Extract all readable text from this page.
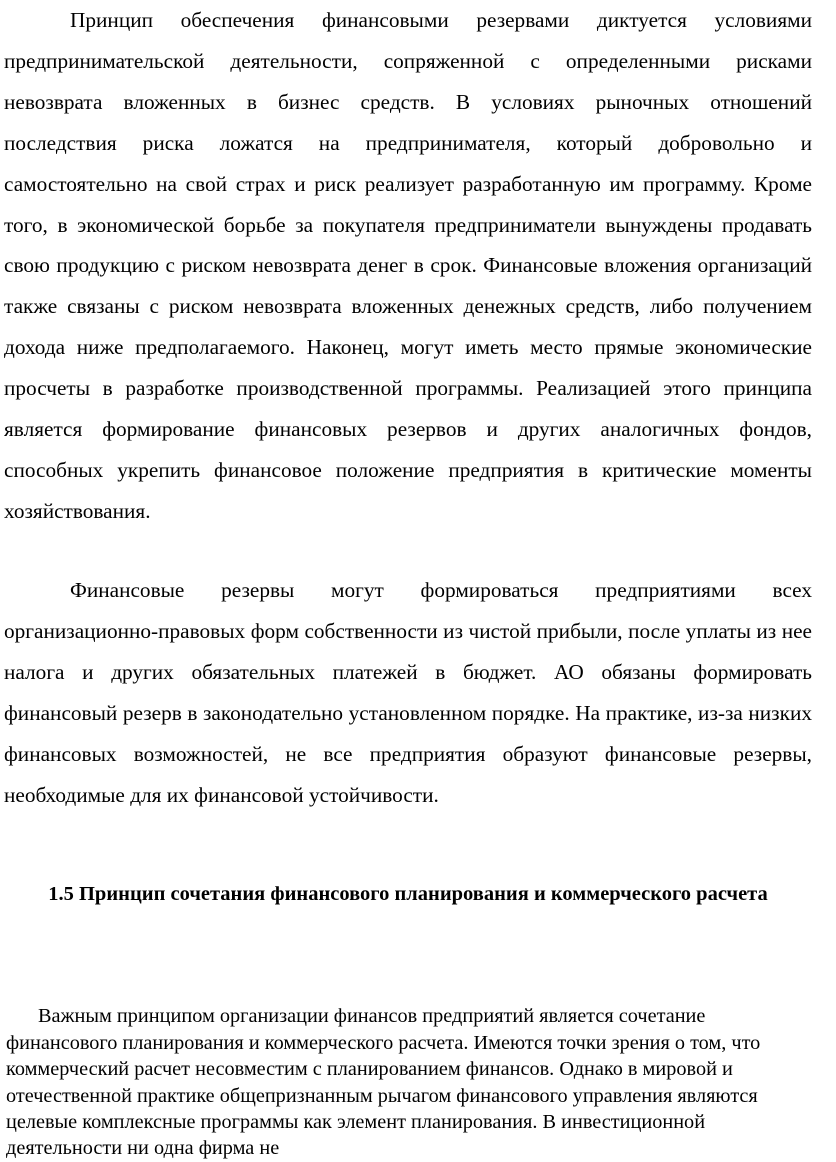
Принцип обеспечения финансовыми резервами диктуется условиями предпринимательской деятельности, сопряженной с определенными рисками невозврата вложенных в бизнес средств. В условиях рыночных отношений последствия риска ложатся на предпринимателя, который добровольно и самостоятельно на свой страх и риск реализует разработанную им программу. Кроме того, в экономической борьбе за покупателя предприниматели вынуждены продавать свою продукцию с риском невозврата денег в срок. Финансовые вложения организаций также связаны с риском невозврата вложенных денежных средств, либо получением дохода ниже предполагаемого. Наконец, могут иметь место прямые экономические просчеты в разработке производственной программы. Реализацией этого принципа является формирование финансовых резервов и других аналогичных фондов, способных укрепить финансовое положение предприятия в критические моменты хозяйствования.

Финансовые резервы могут формироваться предприятиями всех организационно-правовых форм собственности из чистой прибыли, после уплаты из нее налога и других обязательных платежей в бюджет. АО обязаны формировать финансовый резерв в законодательно установленном порядке. На практике, из-за низких финансовых возможностей, не все предприятия образуют финансовые резервы, необходимые для их финансовой устойчивости.

1.5 Принцип сочетания финансового планирования и коммерческого расчета

Важным принципом организации финансов предприятий является сочетание финансового планирования и коммерческого расчета. Имеются точки зрения о том, что коммерческий расчет несовместим с планированием финансов. Однако в мировой и отечественной практике общепризнанным рычагом финансового управления являются целевые комплексные программы как элемент планирования. В инвестиционной деятельности ни одна фирма не
